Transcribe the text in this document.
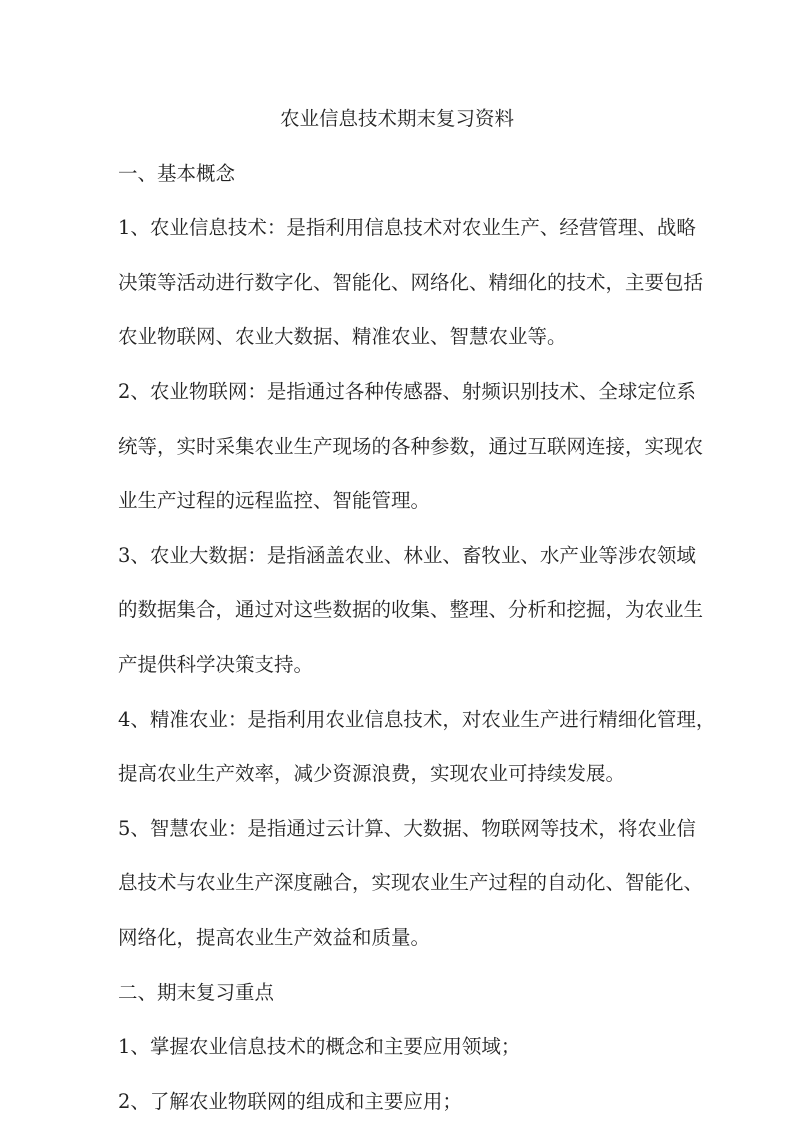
农业信息技术期末复习资料
一、基本概念
1、农业信息技术：是指利用信息技术对农业生产、经营管理、战略
决策等活动进行数字化、智能化、网络化、精细化的技术，主要包括
农业物联网、农业大数据、精准农业、智慧农业等。
2、农业物联网：是指通过各种传感器、射频识别技术、全球定位系
统等，实时采集农业生产现场的各种参数，通过互联网连接，实现农
业生产过程的远程监控、智能管理。
3、农业大数据：是指涵盖农业、林业、畜牧业、水产业等涉农领域
的数据集合，通过对这些数据的收集、整理、分析和挖掘，为农业生
产提供科学决策支持。
4、精准农业：是指利用农业信息技术，对农业生产进行精细化管理，
提高农业生产效率，减少资源浪费，实现农业可持续发展。
5、智慧农业：是指通过云计算、大数据、物联网等技术，将农业信
息技术与农业生产深度融合，实现农业生产过程的自动化、智能化、
网络化，提高农业生产效益和质量。
二、期末复习重点
1、掌握农业信息技术的概念和主要应用领域；
2、了解农业物联网的组成和主要应用；
